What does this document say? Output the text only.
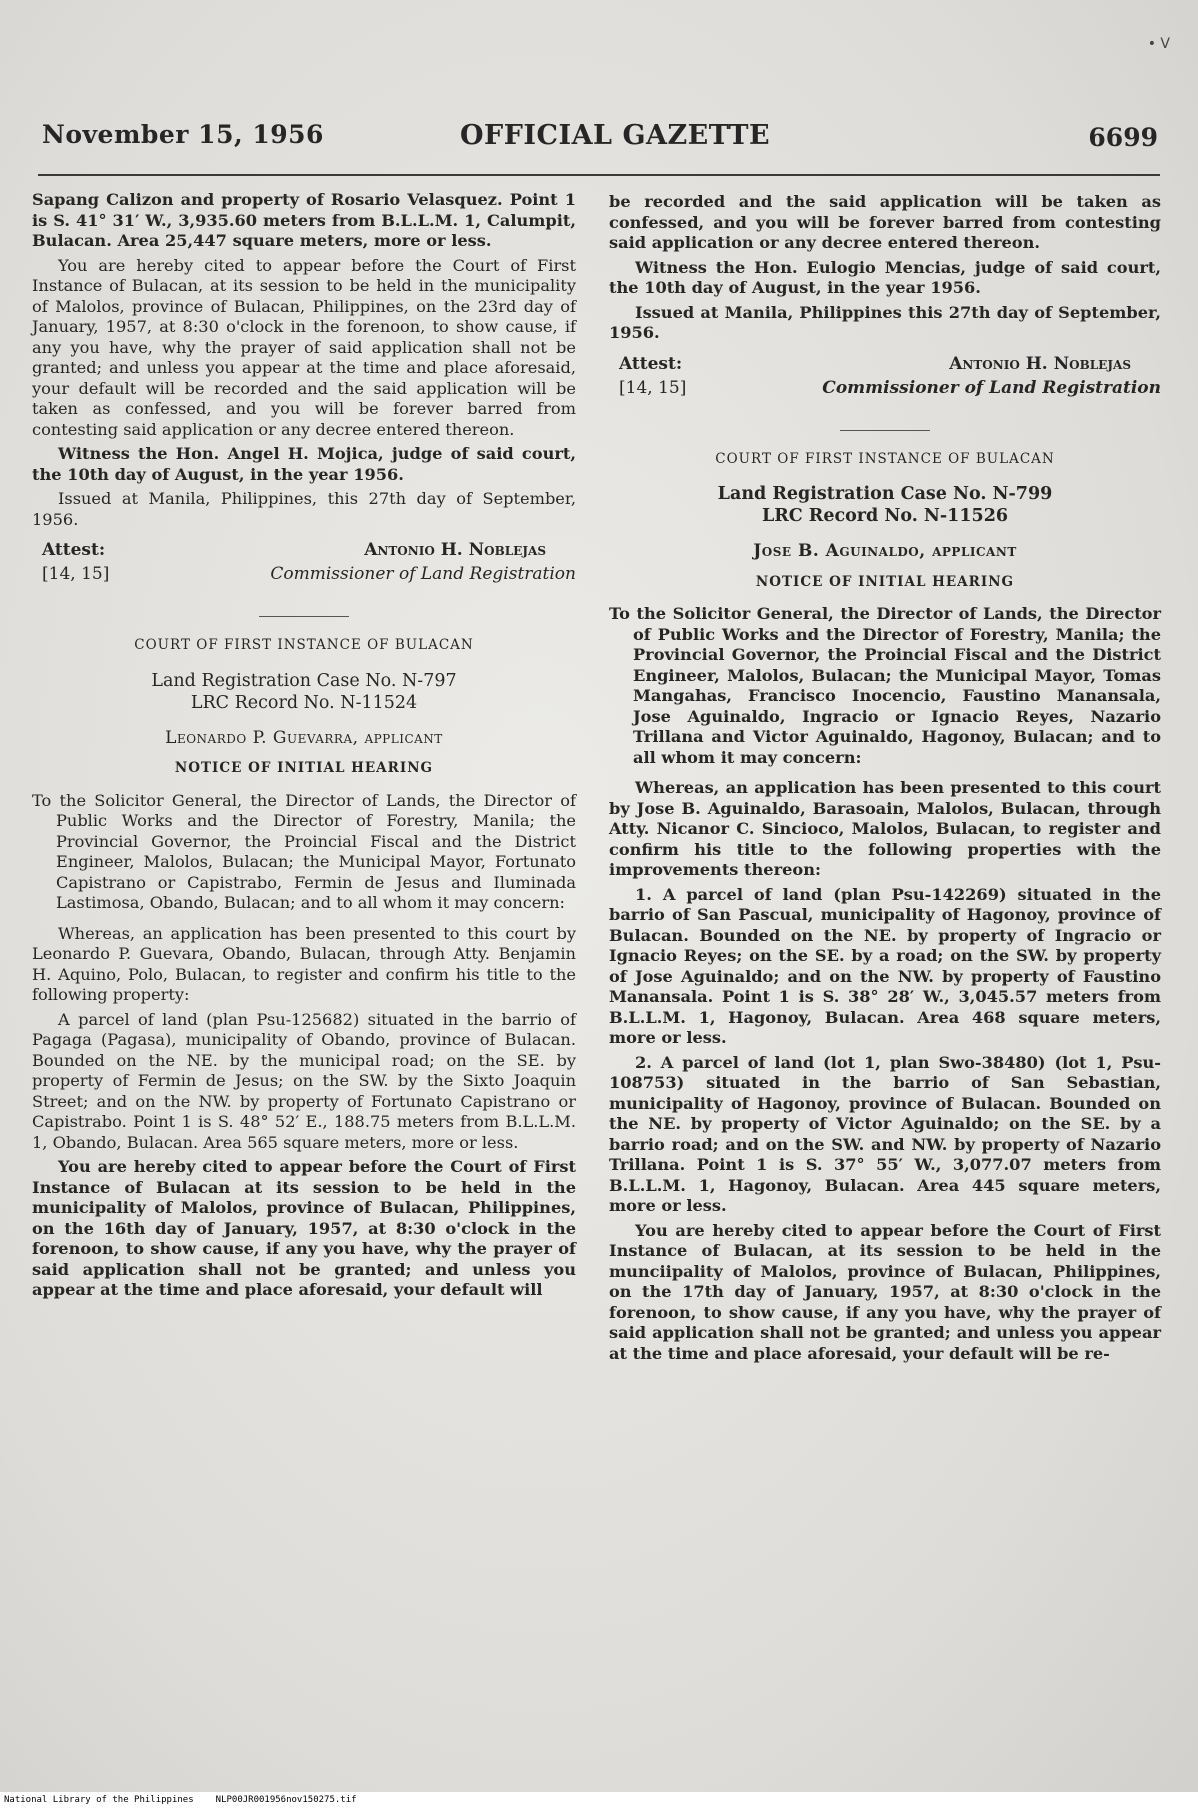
• V
November 15, 1956	OFFICIAL GAZETTE	6699

Sapang Calizon and property of Rosario Velasquez. Point 1 is S. 41° 31′ W., 3,935.60 meters from B.L.L.M. 1, Calumpit, Bulacan. Area 25,447 square meters, more or less.

You are hereby cited to appear before the Court of First Instance of Bulacan, at its session to be held in the municipality of Malolos, province of Bulacan, Philippines, on the 23rd day of January, 1957, at 8:30 o'clock in the forenoon, to show cause, if any you have, why the prayer of said application shall not be granted; and unless you appear at the time and place aforesaid, your default will be recorded and the said application will be taken as confessed, and you will be forever barred from contesting said application or any decree entered thereon.

Witness the Hon. Angel H. Mojica, judge of said court, the 10th day of August, in the year 1956.

Issued at Manila, Philippines, this 27th day of September, 1956.

Attest:	Antonio H. Noblejas
[14, 15]	Commissioner of Land Registration
COURT OF FIRST INSTANCE OF BULACAN
Land Registration Case No. N-797
LRC Record No. N-11524
Leonardo P. Guevarra, applicant
NOTICE OF INITIAL HEARING
To the Solicitor General, the Director of Lands, the Director of Public Works and the Director of Forestry, Manila; the Provincial Governor, the Proincial Fiscal and the District Engineer, Malolos, Bulacan; the Municipal Mayor, Fortunato Capistrano or Capistrabo, Fermin de Jesus and Iluminada Lastimosa, Obando, Bulacan; and to all whom it may concern:

Whereas, an application has been presented to this court by Leonardo P. Guevara, Obando, Bulacan, through Atty. Benjamin H. Aquino, Polo, Bulacan, to register and confirm his title to the following property:

A parcel of land (plan Psu-125682) situated in the barrio of Pagaga (Pagasa), municipality of Obando, province of Bulacan. Bounded on the NE. by the municipal road; on the SE. by property of Fermin de Jesus; on the SW. by the Sixto Joaquin Street; and on the NW. by property of Fortunato Capistrano or Capistrabo. Point 1 is S. 48° 52′ E., 188.75 meters from B.L.L.M. 1, Obando, Bulacan. Area 565 square meters, more or less.

You are hereby cited to appear before the Court of First Instance of Bulacan at its session to be held in the municipality of Malolos, province of Bulacan, Philippines, on the 16th day of January, 1957, at 8:30 o'clock in the forenoon, to show cause, if any you have, why the prayer of said application shall not be granted; and unless you appear at the time and place aforesaid, your default will

be recorded and the said application will be taken as confessed, and you will be forever barred from contesting said application or any decree entered thereon.

Witness the Hon. Eulogio Mencias, judge of said court, the 10th day of August, in the year 1956.

Issued at Manila, Philippines this 27th day of September, 1956.

Attest:	Antonio H. Noblejas
[14, 15]	Commissioner of Land Registration
COURT OF FIRST INSTANCE OF BULACAN
Land Registration Case No. N-799
LRC Record No. N-11526
Jose B. Aguinaldo, applicant
NOTICE OF INITIAL HEARING
To the Solicitor General, the Director of Lands, the Director of Public Works and the Director of Forestry, Manila; the Provincial Governor, the Proincial Fiscal and the District Engineer, Malolos, Bulacan; the Municipal Mayor, Tomas Mangahas, Francisco Inocencio, Faustino Manansala, Jose Aguinaldo, Ingracio or Ignacio Reyes, Nazario Trillana and Victor Aguinaldo, Hagonoy, Bulacan; and to all whom it may concern:

Whereas, an application has been presented to this court by Jose B. Aguinaldo, Barasoain, Malolos, Bulacan, through Atty. Nicanor C. Sincioco, Malolos, Bulacan, to register and confirm his title to the following properties with the improvements thereon:

1. A parcel of land (plan Psu-142269) situated in the barrio of San Pascual, municipality of Hagonoy, province of Bulacan. Bounded on the NE. by property of Ingracio or Ignacio Reyes; on the SE. by a road; on the SW. by property of Jose Aguinaldo; and on the NW. by property of Faustino Manansala. Point 1 is S. 38° 28′ W., 3,045.57 meters from B.L.L.M. 1, Hagonoy, Bulacan. Area 468 square meters, more or less.

2. A parcel of land (lot 1, plan Swo-38480) (lot 1, Psu-108753) situated in the barrio of San Sebastian, municipality of Hagonoy, province of Bulacan. Bounded on the NE. by property of Victor Aguinaldo; on the SE. by a barrio road; and on the SW. and NW. by property of Nazario Trillana. Point 1 is S. 37° 55′ W., 3,077.07 meters from B.L.L.M. 1, Hagonoy, Bulacan. Area 445 square meters, more or less.

You are hereby cited to appear before the Court of First Instance of Bulacan, at its session to be held in the munciipality of Malolos, province of Bulacan, Philippines, on the 17th day of January, 1957, at 8:30 o'clock in the forenoon, to show cause, if any you have, why the prayer of said application shall not be granted; and unless you appear at the time and place aforesaid, your default will be re-

National Library of the Philippines NLP00JR001956nov150275.tif
